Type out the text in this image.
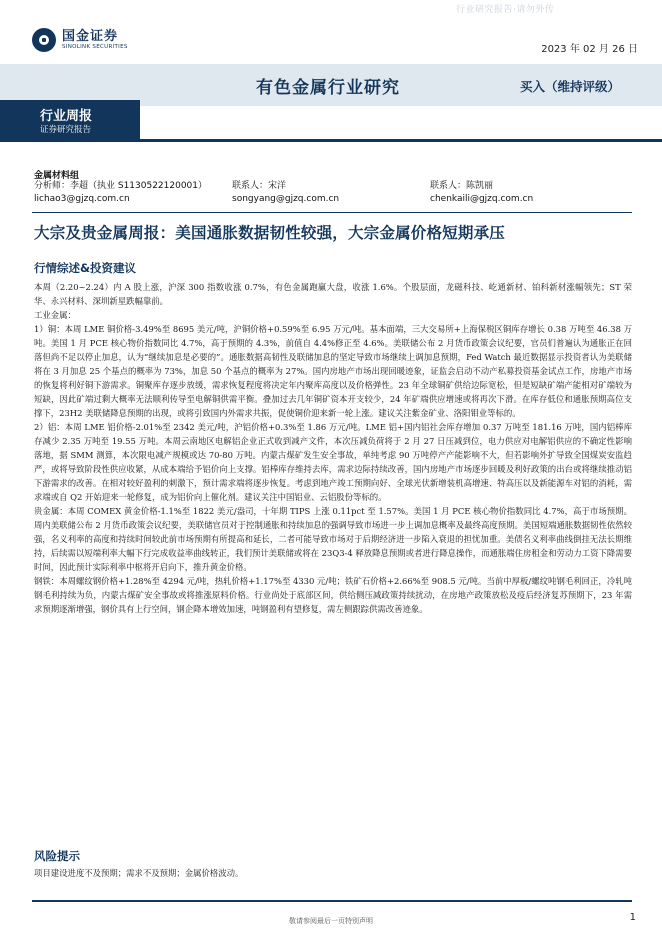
行业研究报告·请勿外传
国金证券
SINOLINK SECURITIES	2023 年 02 月 26 日
有色金属行业研究	买入（维持评级）
行业周报
证券研究报告
金属材料组
分析师：李超（执业 S1130522120001）
lichao3@gjzq.com.cn
联系人：宋洋
songyang@gjzq.com.cn
联系人：陈凯丽
chenkaili@gjzq.com.cn
大宗及贵金属周报：美国通胀数据韧性较强，大宗金属价格短期承压
行情综述&投资建议

本周（2.20~2.24）内 A 股上涨，沪深 300 指数收涨 0.7%，有色金属跑赢大盘，收涨 1.6%。个股层面，龙磁科技、屹通新材、铂科新材涨幅领先；ST 荣华、永兴材料、深圳新星跌幅靠前。

工业金属：

1）铜：本周 LME 铜价格-3.49%至 8695 美元/吨，沪铜价格+0.59%至 6.95 万元/吨。基本面端，三大交易所+上海保税区铜库存增长 0.38 万吨至 46.38 万吨。美国 1 月 PCE 核心物价指数同比 4.7%，高于预期的 4.3%，前值自 4.4%修正至 4.6%。美联储公布 2 月货币政策会议纪要，官员们普遍认为通胀正在回落但尚不足以停止加息，认为“继续加息是必要的”。通胀数据高韧性及联储加息的坚定导致市场继续上调加息预期，Fed Watch 最近数据显示投资者认为美联储将在 3 月加息 25 个基点的概率为 73%，加息 50 个基点的概率为 27%。国内房地产市场出现回暖迹象，证监会启动不动产私募投资基金试点工作，房地产市场的恢复将利好铜下游需求。铜聚库存逐步放缓，需求恢复程度将决定年内聚库高度以及价格弹性。23 年全球铜矿供给边际宽松，但是短缺矿端产能相对矿端较为短缺，因此矿端过剩大概率无法顺利传导至电解铜供需平衡。叠加过去几年铜矿资本开支较少，24 年矿端供应增速或将再次下滑。在库存低位和通胀预期高位支撑下，23H2 美联储降息预期的出现，或将引致国内外需求共振，促使铜价迎来新一轮上涨。建议关注紫金矿业、洛阳钼业等标的。

2）铝：本周 LME 铝价格-2.01%至 2342 美元/吨，沪铝价格+0.3%至 1.86 万元/吨。LME 铝+国内铝社会库存增加 0.37 万吨至 181.16 万吨，国内铝棒库存减少 2.35 万吨至 19.55 万吨。本周云南地区电解铝企业正式收到减产文件，本次压减负荷将于 2 月 27 日压减到位，电力供应对电解铝供应的不确定性影响落地，据 SMM 测算，本次限电减产规模或达 70-80 万吨。内蒙古煤矿发生安全事故，单纯考虑 90 万吨停产产能影响不大，但若影响外扩导致全国煤炭安监趋严，或将导致阶段性供应收紧，从成本端给予铝价向上支撑。铝棒库存维持去库，需求边际持续改善，国内房地产市场逐步回暖及利好政策的出台或将继续推动铝下游需求的改善。在相对较好盈利的刺激下，预计需求端将逐步恢复。考虑到地产竣工预期向好、全球光伏新增装机高增速、特高压以及新能源车对铝的消耗，需求端或自 Q2 开始迎来一轮修复，成为铝价向上催化剂。建议关注中国铝业、云铝股份等标的。

贵金属：本周 COMEX 黄金价格-1.1%至 1822 美元/盎司，十年期 TIPS 上涨 0.11pct 至 1.57%。美国 1 月 PCE 核心物价指数同比 4.7%，高于市场预期。周内美联储公布 2 月货币政策会议纪要，美联储官员对于控制通胀和持续加息的强调导致市场进一步上调加息概率及最终高度预期。美国短端通胀数据韧性依然较强，名义利率的高度和持续时间较此前市场预期有所提高和延长，二者可能导致市场对于后期经济进一步陷入衰退的担忧加重。美债名义利率曲线倒挂无法长期维持，后续需以短端利率大幅下行完成收益率曲线转正，我们预计美联储或将在 23Q3-4 释放降息预期或者进行降息操作，而通胀端住房租金和劳动力工资下降需要时间，因此预计实际利率中枢将开启向下，推升黄金价格。

钢铁：本周螺纹钢价格+1.28%至 4294 元/吨，热轧价格+1.17%至 4330 元/吨；铁矿石价格+2.66%至 908.5 元/吨。当前中厚板/螺纹吨钢毛利回正，冷轧吨钢毛利持续为负，内蒙古煤矿安全事故或将推涨原料价格。行业尚处于底部区间，供给侧压减政策持续扰动，在房地产政策放松及疫后经济复苏预期下，23 年需求预期逐渐增强，钢价具有上行空间，钢企降本增效加速，吨钢盈利有望修复，需左侧跟踪供需改善迹象。

风险提示

项目建设进度不及预期；需求不及预期；金属价格波动。

敬请参阅最后一页特别声明	1
